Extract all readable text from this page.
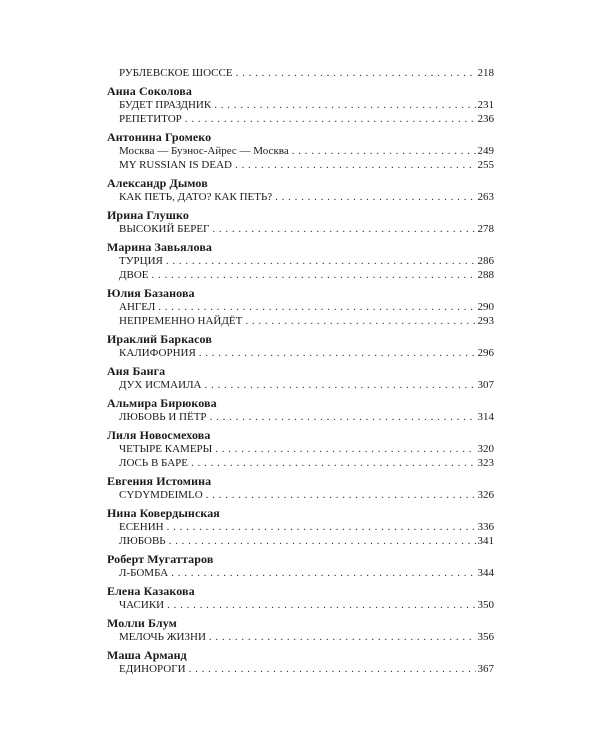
РУБЛЕВСКОЕ ШОССЕ . . .	218
Анна Соколова
БУДЕТ ПРАЗДНИК . . .	231
РЕПЕТИТОР . . .	236
Антонина Громеко
Москва — Буэнос-Айрес — Москва . . .	249
MY RUSSIAN IS DEAD . . .	255
Александр Дымов
КАК ПЕТЬ, ДАТО? КАК ПЕТЬ? . . .	263
Ирина Глушко
ВЫСОКИЙ БЕРЕГ . . .	278
Марина Завьялова
ТУРЦИЯ . . .	286
ДВОЕ . . .	288
Юлия Базанова
АНГЕЛ . . .	290
НЕПРЕМЕННО НАЙДЁТ . . .	293
Ираклий Баркасов
КАЛИФОРНИЯ . . .	296
Аня Банга
ДУХ ИСМАИЛА . . .	307
Альмира Бирюкова
ЛЮБОВЬ И ПЁТР . . .	314
Лиля Новосмехова
ЧЕТЫРЕ КАМЕРЫ . . .	320
ЛОСЬ В БАРЕ . . .	323
Евгения Истомина
CYDYMDEIMLO . . .	326
Нина Ковердынская
ЕСЕНИН . . .	336
ЛЮБОВЬ . . .	341
Роберт Мугаттаров
Л-БОМБА . . .	344
Елена Казакова
ЧАСИКИ . . .	350
Молли Блум
МЕЛОЧЬ ЖИЗНИ . . .	356
Маша Арманд
ЕДИНОРОГИ . . .	367
